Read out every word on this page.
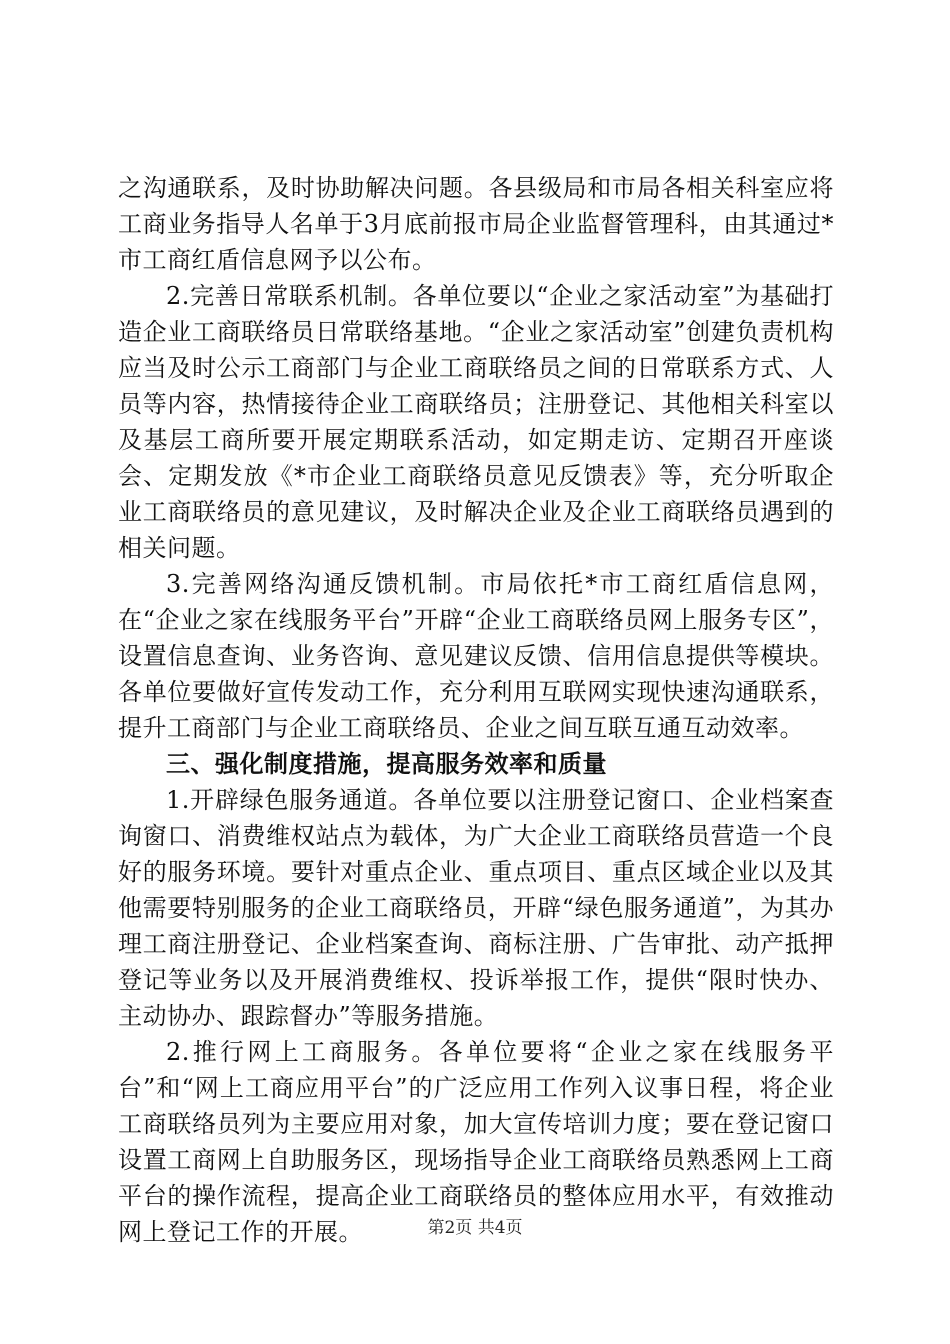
之沟通联系，及时协助解决问题。各县级局和市局各相关科室应将工商业务指导人名单于3月底前报市局企业监督管理科，由其通过*市工商红盾信息网予以公布。

2.完善日常联系机制。各单位要以“企业之家活动室”为基础打造企业工商联络员日常联络基地。“企业之家活动室”创建负责机构应当及时公示工商部门与企业工商联络员之间的日常联系方式、人员等内容，热情接待企业工商联络员；注册登记、其他相关科室以及基层工商所要开展定期联系活动，如定期走访、定期召开座谈会、定期发放《*市企业工商联络员意见反馈表》等，充分听取企业工商联络员的意见建议，及时解决企业及企业工商联络员遇到的相关问题。

3.完善网络沟通反馈机制。市局依托*市工商红盾信息网，在“企业之家在线服务平台”开辟“企业工商联络员网上服务专区”，设置信息查询、业务咨询、意见建议反馈、信用信息提供等模块。各单位要做好宣传发动工作，充分利用互联网实现快速沟通联系，提升工商部门与企业工商联络员、企业之间互联互通互动效率。

三、强化制度措施，提高服务效率和质量

1.开辟绿色服务通道。各单位要以注册登记窗口、企业档案查询窗口、消费维权站点为载体，为广大企业工商联络员营造一个良好的服务环境。要针对重点企业、重点项目、重点区域企业以及其他需要特别服务的企业工商联络员，开辟“绿色服务通道”，为其办理工商注册登记、企业档案查询、商标注册、广告审批、动产抵押登记等业务以及开展消费维权、投诉举报工作，提供“限时快办、主动协办、跟踪督办”等服务措施。

2.推行网上工商服务。各单位要将“企业之家在线服务平台”和“网上工商应用平台”的广泛应用工作列入议事日程，将企业工商联络员列为主要应用对象，加大宣传培训力度；要在登记窗口设置工商网上自助服务区，现场指导企业工商联络员熟悉网上工商平台的操作流程，提高企业工商联络员的整体应用水平，有效推动网上登记工作的开展。	第2页 共4页
